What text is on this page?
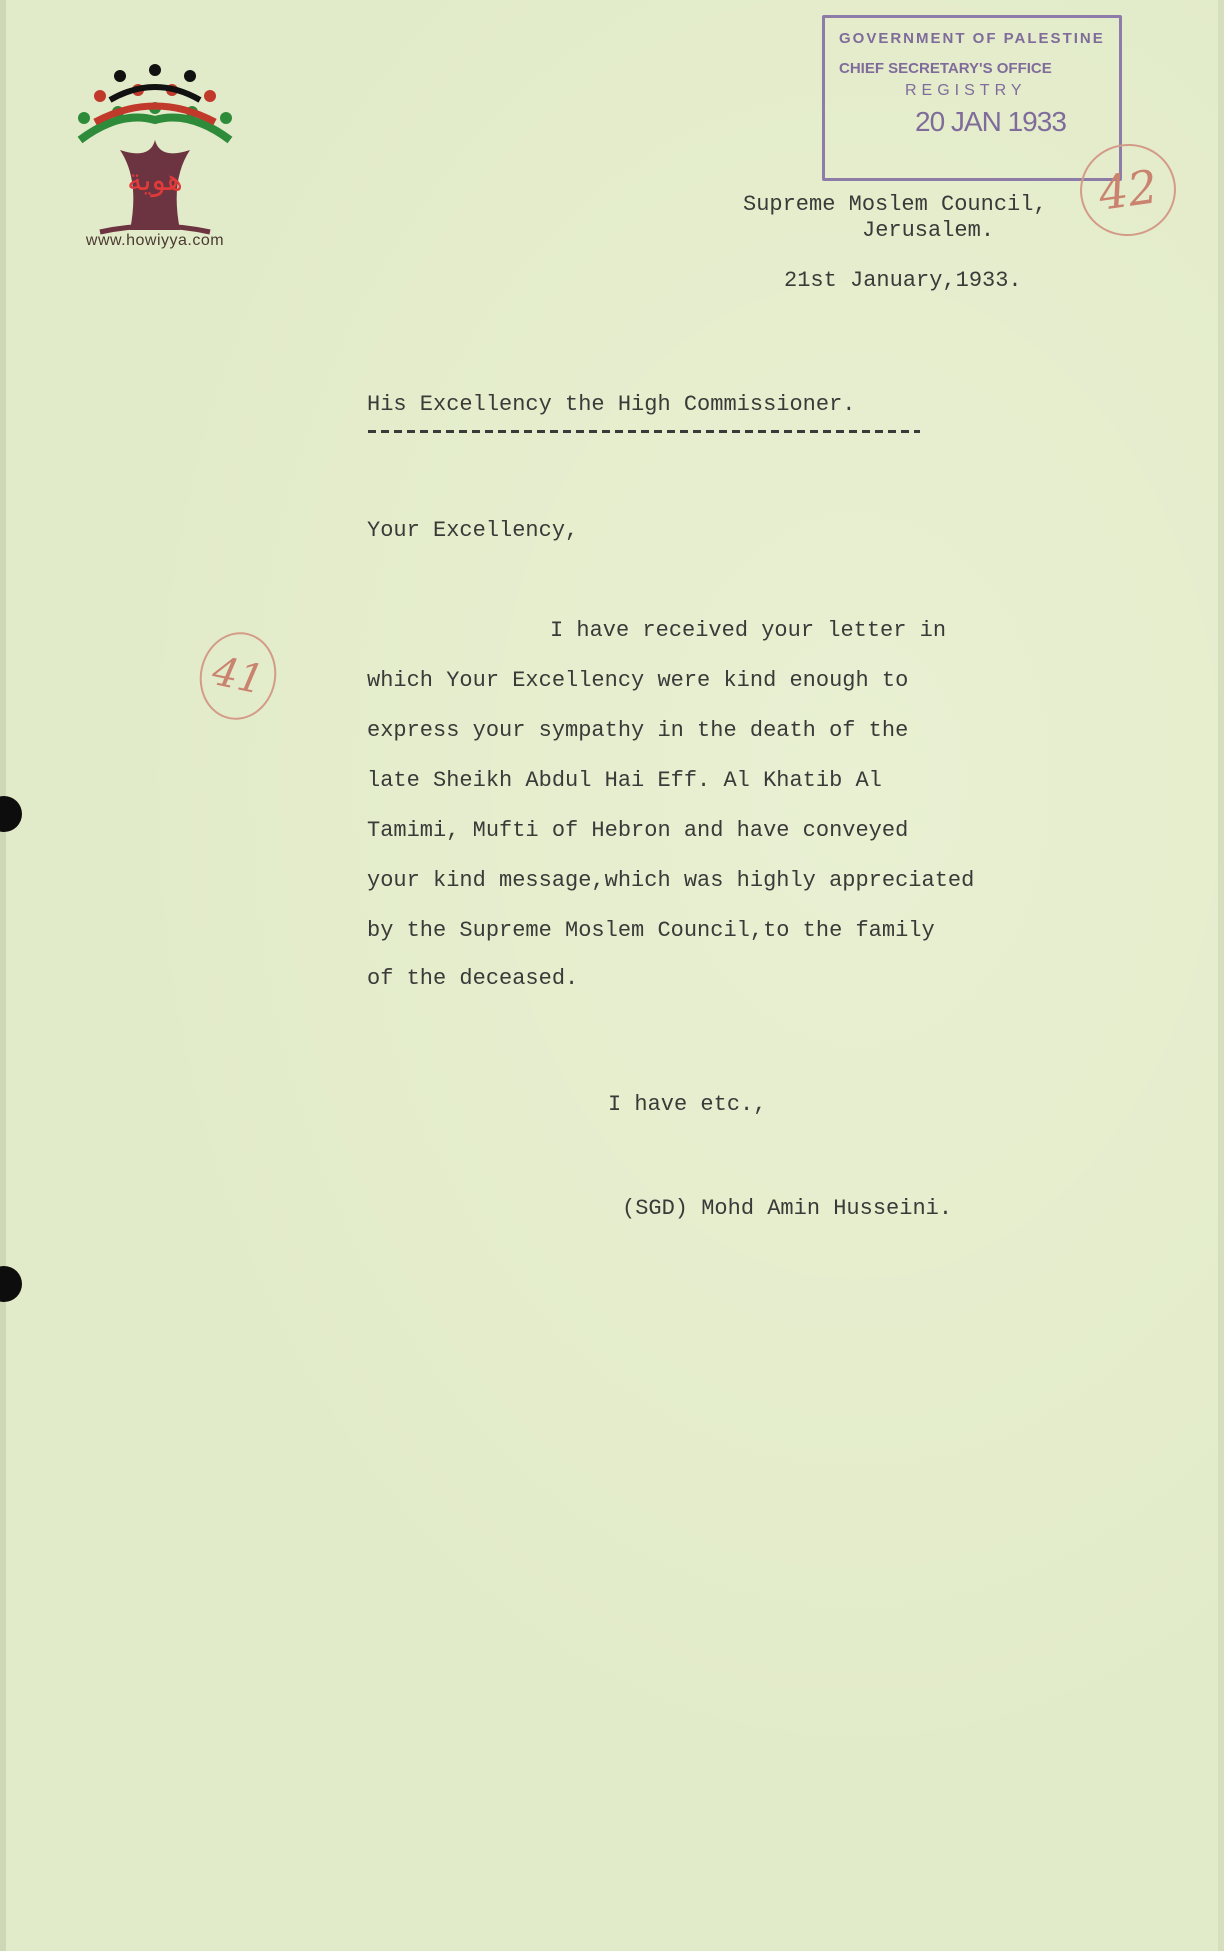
هوية
www.howiyya.com
GOVERNMENT OF PALESTINE
CHIEF SECRETARY'S OFFICE
REGISTRY
20 JAN 1933
42
41
Supreme Moslem Council,
Jerusalem.
21st January,1933.
His Excellency the High Commissioner.
Your Excellency,
I have received your letter in
which Your Excellency were kind enough to
express your sympathy in the death of the
late Sheikh Abdul Hai Eff. Al Khatib Al
Tamimi, Mufti of Hebron and have conveyed
your kind message,which was highly appreciated
by the Supreme Moslem Council,to the family
of the deceased.
I have etc.,
(SGD) Mohd Amin Husseini.
